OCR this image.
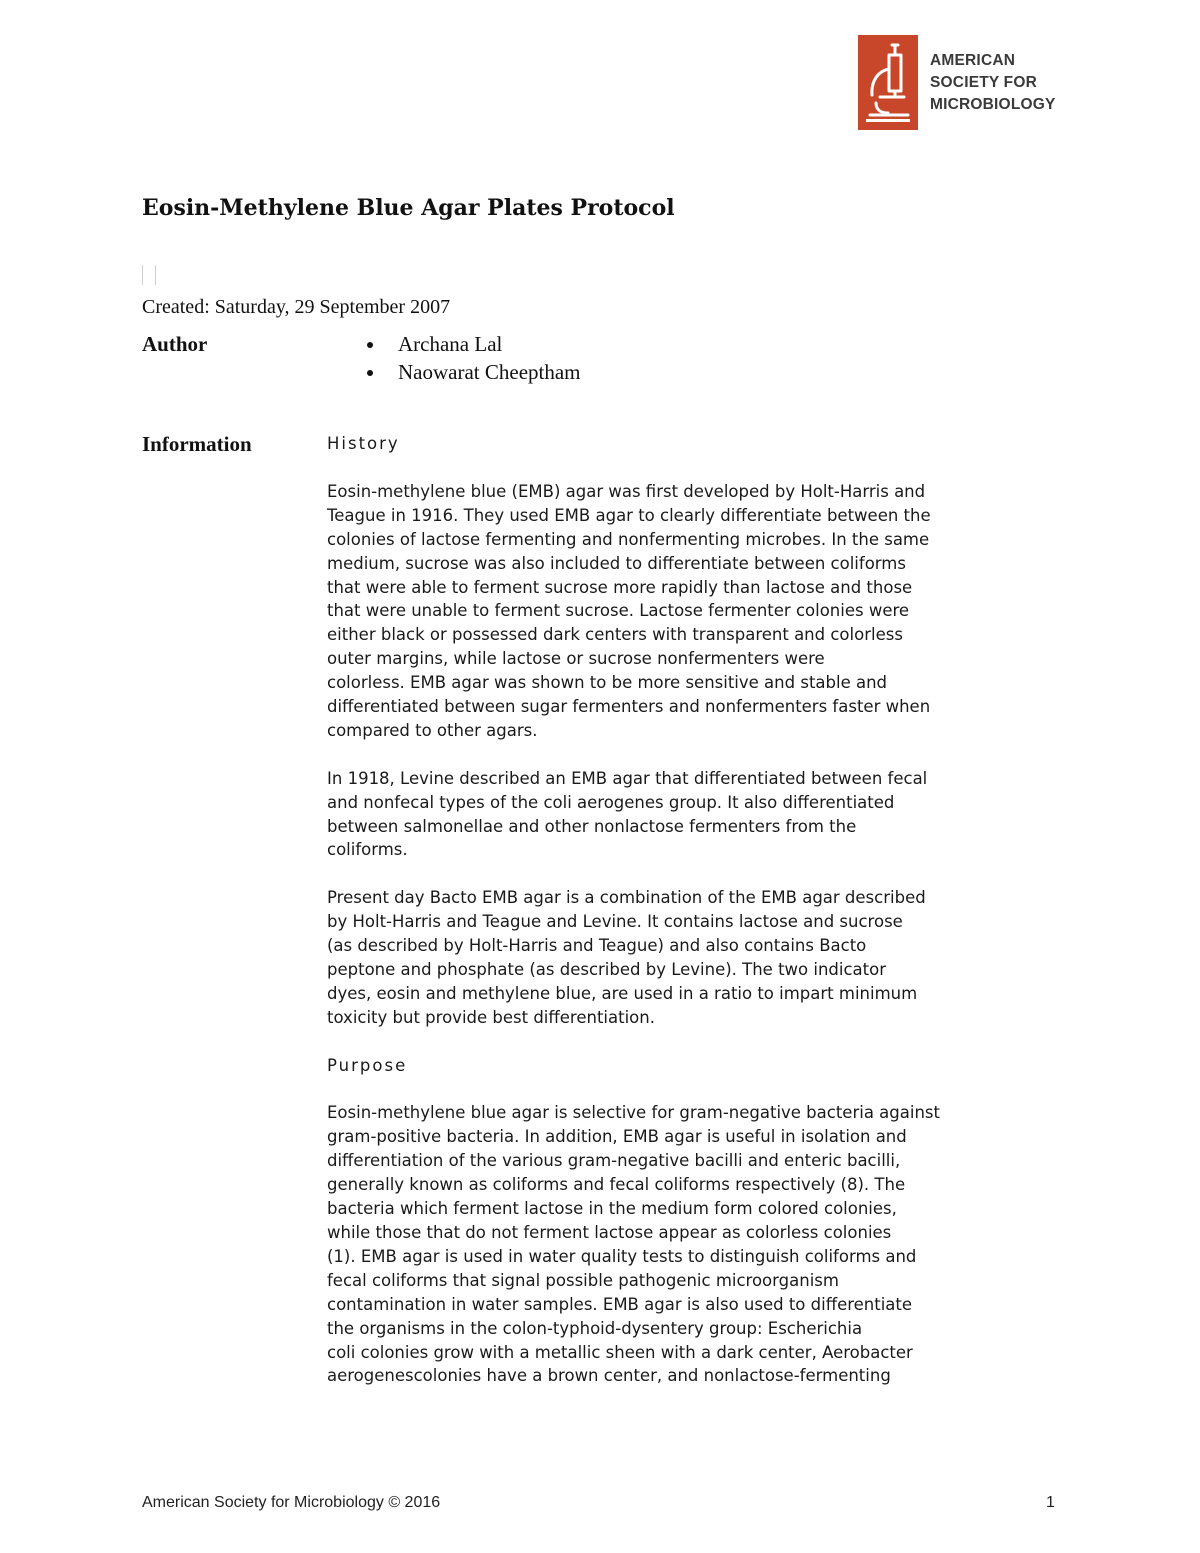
AMERICAN
SOCIETY FOR
MICROBIOLOGY
Eosin-Methylene Blue Agar Plates Protocol
Created: Saturday, 29 September 2007
Author	Archana Lal
Naowarat Cheeptham
Information	History
Eosin-methylene blue (EMB) agar was first developed by Holt-Harris and
Teague in 1916. They used EMB agar to clearly differentiate between the
colonies of lactose fermenting and nonfermenting microbes. In the same
medium, sucrose was also included to differentiate between coliforms
that were able to ferment sucrose more rapidly than lactose and those
that were unable to ferment sucrose. Lactose fermenter colonies were
either black or possessed dark centers with transparent and colorless
outer margins, while lactose or sucrose nonfermenters were
colorless. EMB agar was shown to be more sensitive and stable and
differentiated between sugar fermenters and nonfermenters faster when
compared to other agars.
In 1918, Levine described an EMB agar that differentiated between fecal
and nonfecal types of the coli aerogenes group. It also differentiated
between salmonellae and other nonlactose fermenters from the
coliforms.
Present day Bacto EMB agar is a combination of the EMB agar described
by Holt-Harris and Teague and Levine. It contains lactose and sucrose
(as described by Holt-Harris and Teague) and also contains Bacto
peptone and phosphate (as described by Levine). The two indicator
dyes, eosin and methylene blue, are used in a ratio to impart minimum
toxicity but provide best differentiation.
Purpose
Eosin-methylene blue agar is selective for gram-negative bacteria against
gram-positive bacteria. In addition, EMB agar is useful in isolation and
differentiation of the various gram-negative bacilli and enteric bacilli,
generally known as coliforms and fecal coliforms respectively (8). The
bacteria which ferment lactose in the medium form colored colonies,
while those that do not ferment lactose appear as colorless colonies
(1). EMB agar is used in water quality tests to distinguish coliforms and
fecal coliforms that signal possible pathogenic microorganism
contamination in water samples. EMB agar is also used to differentiate
the organisms in the colon-typhoid-dysentery group: Escherichia
coli colonies grow with a metallic sheen with a dark center, Aerobacter
aerogenescolonies have a brown center, and nonlactose-fermenting
American Society for Microbiology © 2016	1
